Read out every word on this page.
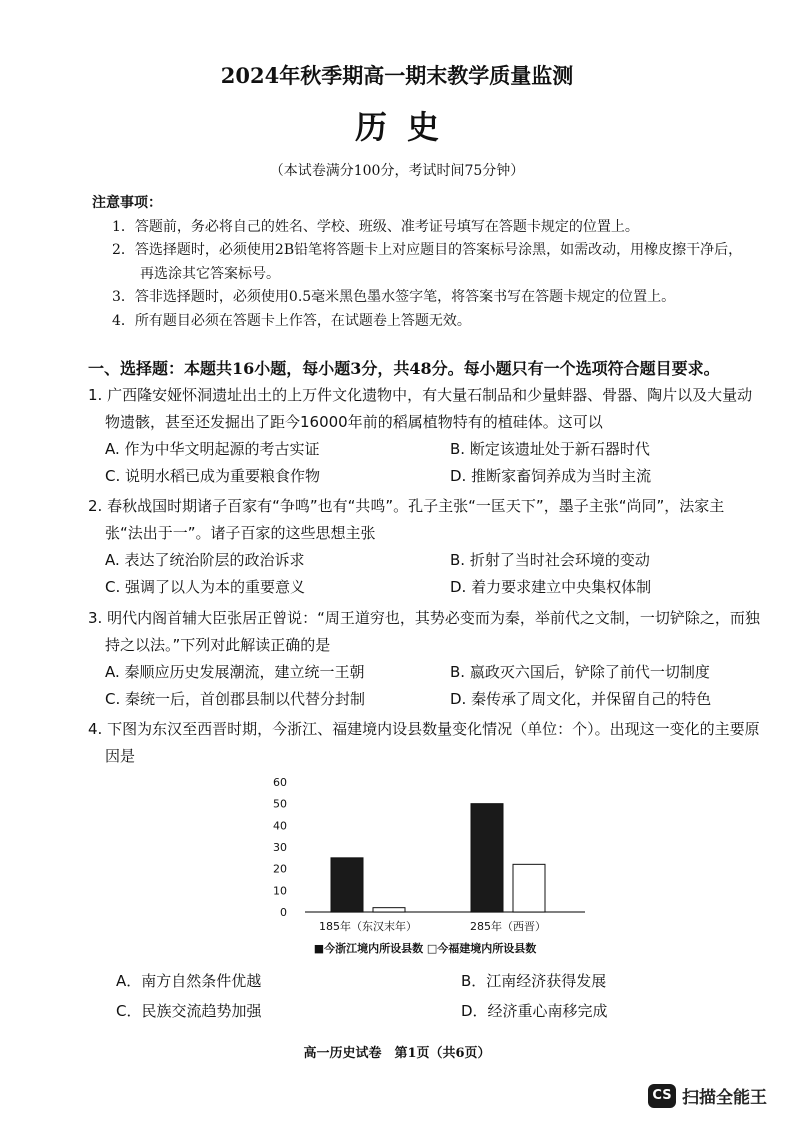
2024年秋季期高一期末教学质量监测
历史
（本试卷满分100分，考试时间75分钟）
注意事项：
1．答题前，务必将自己的姓名、学校、班级、准考证号填写在答题卡规定的位置上。
2．答选择题时，必须使用2B铅笔将答题卡上对应题目的答案标号涂黑，如需改动，用橡皮擦干净后，再选涂其它答案标号。
3．答非选择题时，必须使用0.5毫米黑色墨水签字笔，将答案书写在答题卡规定的位置上。
4．所有题目必须在答题卡上作答，在试题卷上答题无效。
一、选择题：本题共16小题，每小题3分，共48分。每小题只有一个选项符合题目要求。
1. 广西隆安娅怀洞遗址出土的上万件文化遗物中，有大量石制品和少量蚌器、骨器、陶片以及大量动物遗骸，甚至还发掘出了距今16000年前的稻属植物特有的植硅体。这可以
A. 作为中华文明起源的考古实证	B. 断定该遗址处于新石器时代
C. 说明水稻已成为重要粮食作物	D. 推断家畜饲养成为当时主流
2. 春秋战国时期诸子百家有“争鸣”也有“共鸣”。孔子主张“一匡天下”，墨子主张“尚同”，法家主张“法出于一”。诸子百家的这些思想主张
A. 表达了统治阶层的政治诉求	B. 折射了当时社会环境的变动
C. 强调了以人为本的重要意义	D. 着力要求建立中央集权体制
3. 明代内阁首辅大臣张居正曾说：“周王道穷也，其势必变而为秦，举前代之文制，一切铲除之，而独持之以法。”下列对此解读正确的是
A. 秦顺应历史发展潮流，建立统一王朝	B. 嬴政灭六国后，铲除了前代一切制度
C. 秦统一后，首创郡县制以代替分封制	D. 秦传承了周文化，并保留自己的特色
4. 下图为东汉至西晋时期，今浙江、福建境内设县数量变化情况（单位：个）。出现这一变化的主要原因是
0
10
20
30
40
50
60
185年（东汉末年）	285年（西晋）
■今浙江境内所设县数 □今福建境内所设县数
A．南方自然条件优越	B．江南经济获得发展
C．民族交流趋势加强	D．经济重心南移完成
高一历史试卷　第1页（共6页）
CS 扫描全能王
